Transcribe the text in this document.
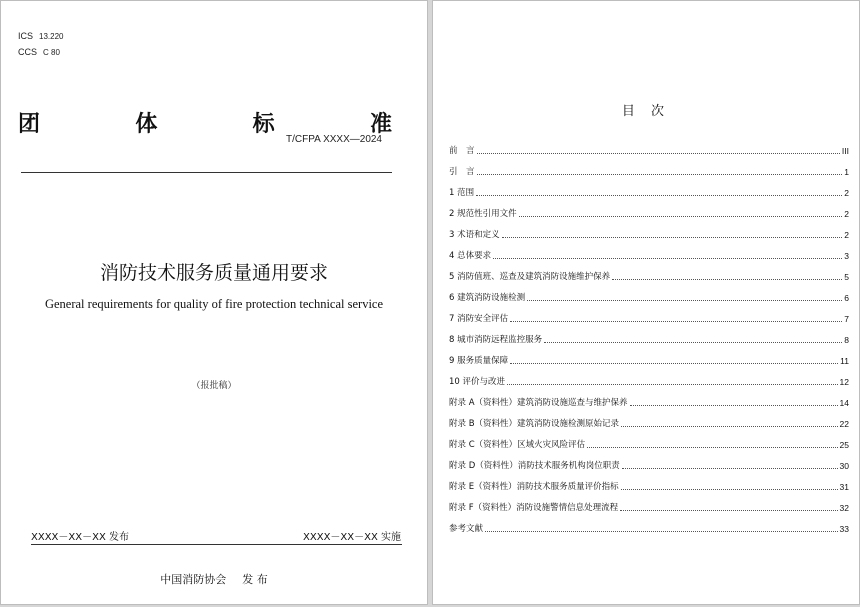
ICS 13.220
CCS C 80
团	体	标	准
T/CFPA XXXX—2024
消防技术服务质量通用要求
General requirements for quality of fire protection technical service
（报批稿）
XXXX－XX－XX 发布	XXXX－XX－XX 实施
中国消防协会 发 布
目 次
前　言	III
引　言	1
1 范围	2
2 规范性引用文件	2
3 术语和定义	2
4 总体要求	3
5 消防值班、巡查及建筑消防设施维护保养	5
6 建筑消防设施检测	6
7 消防安全评估	7
8 城市消防远程监控服务	8
9 服务质量保障	11
10 评价与改进	12
附录 A（资料性）建筑消防设施巡查与维护保养	14
附录 B（资料性）建筑消防设施检测原始记录	22
附录 C（资料性）区域火灾风险评估	25
附录 D（资料性）消防技术服务机构岗位职责	30
附录 E（资料性）消防技术服务质量评价指标	31
附录 F（资料性）消防设施警情信息处理流程	32
参考文献	33
